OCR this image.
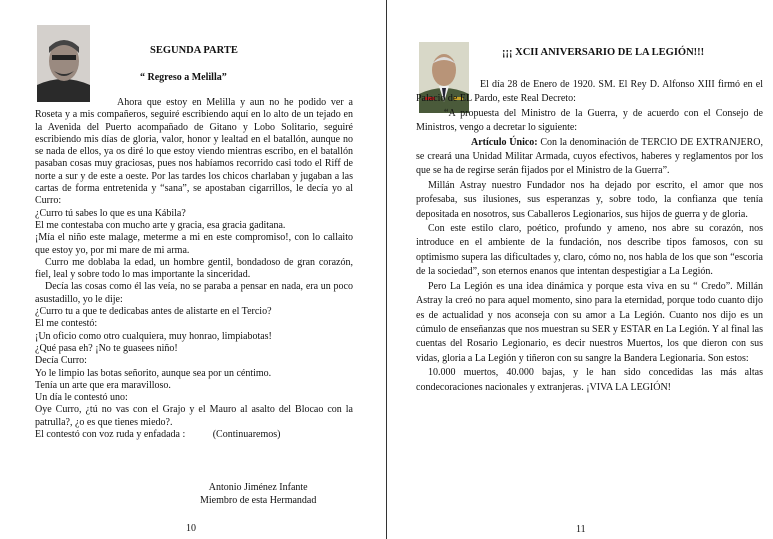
SEGUNDA PARTE
“ Regreso a Melilla”

Ahora que estoy en Melilla y aun no he podido ver a Roseta y a mis compañeros, seguiré escribiendo aquí en lo alto de un tejado en la Avenida del Puerto acompañado de Gitano y Lobo Solitario, seguiré escribiendo mis días de gloria, valor, honor y lealtad en el batallón, aunque no se nada de ellos, ya os diré lo que estoy viendo mientras escribo, en el batallón pasaban cosas muy graciosas, pues nos habíamos recorrido casi todo el Riff de norte a sur y de este a oeste. Por las tardes los chicos charlaban y jugaban a las cartas de forma entretenida y “sana”, se apostaban cigarrillos, le decía yo al Curro:

¿Curro tú sabes lo que es una Kábila?

El me contestaba con mucho arte y gracia, esa gracia gaditana.

¡Mía el niño este malage, meterme a mi en este compromiso!, con lo callaito que estoy yo, por mi mare de mi arma.

Curro me doblaba la edad, un hombre gentil, bondadoso de gran corazón, fiel, leal y sobre todo lo mas importante la sinceridad.

Decía las cosas como él las veía, no se paraba a pensar en nada, era un poco asustadillo, yo le dije:

¿Curro tu a que te dedicabas antes de alistarte en el Tercio?

El me contestó:

¡Un oficio como otro cualquiera, muy honrao, limpiabotas!

¿Qué pasa eh? ¡No te guasees niño!

Decía Curro:

Yo le limpio las botas señorito, aunque sea por un céntimo.

Tenía un arte que era maravilloso.

Un día le contestó uno:

Oye Curro, ¿tú no vas con el Grajo y el Mauro al asalto del Blocao con la patrulla?, ¿o es que tienes miedo?.

El contestó con voz ruda y enfadada :           (Continuaremos)

Antonio Jiménez Infante
Miembro de esta Hermandad
10
¡¡¡ XCII ANIVERSARIO DE LA LEGIÓN!!!

El día 28 de Enero de 1920. SM. El Rey D. Alfonso XIII firmó en el Palacio de EL Pardo, este Real Decreto:

“A propuesta del Ministro de la Guerra, y de acuerdo con el Consejo de Ministros, vengo a decretar lo siguiente:

Artículo Único: Con la denominación de TERCIO DE EXTRANJERO, se creará una Unidad Militar Armada, cuyos efectivos, haberes y reglamentos por los que se ha de regirse serán fijados por el Ministro de la Guerra”.

Millán Astray nuestro Fundador nos ha dejado por escrito, el amor que nos profesaba, sus ilusiones, sus esperanzas y, sobre todo, la confianza que tenía depositada en nosotros, sus Caballeros Legionarios, sus hijos de guerra y de gloria.

Con este estilo claro, poético, profundo y ameno, nos abre su corazón, nos introduce en el ambiente de la fundación, nos describe tipos famosos, con su optimismo supera las dificultades y, claro, cómo no, nos habla de los que son “escoria de la sociedad”, son eternos enanos que intentan despestigiar a La Legión.

Pero La Legión es una idea dinámica y porque esta viva en su “ Credo”. Millán Astray la creó no para aquel momento, sino para la eternidad, porque todo cuanto dijo es de actualidad y nos aconseja con su amor a La Legión. Cuanto nos dijo es un cúmulo de enseñanzas que nos muestran su SER y ESTAR en La Legión. Y al final las cuentas del Rosario Legionario, es decir nuestros Muertos, los que dieron con sus vidas, gloria a La Legión y tiñeron con su sangre la Bandera Legionaria. Son estos:

10.000 muertos, 40.000 bajas, y le han sido concedidas las más altas condecoraciones nacionales y extranjeras. ¡VIVA LA LEGIÓN!

11
